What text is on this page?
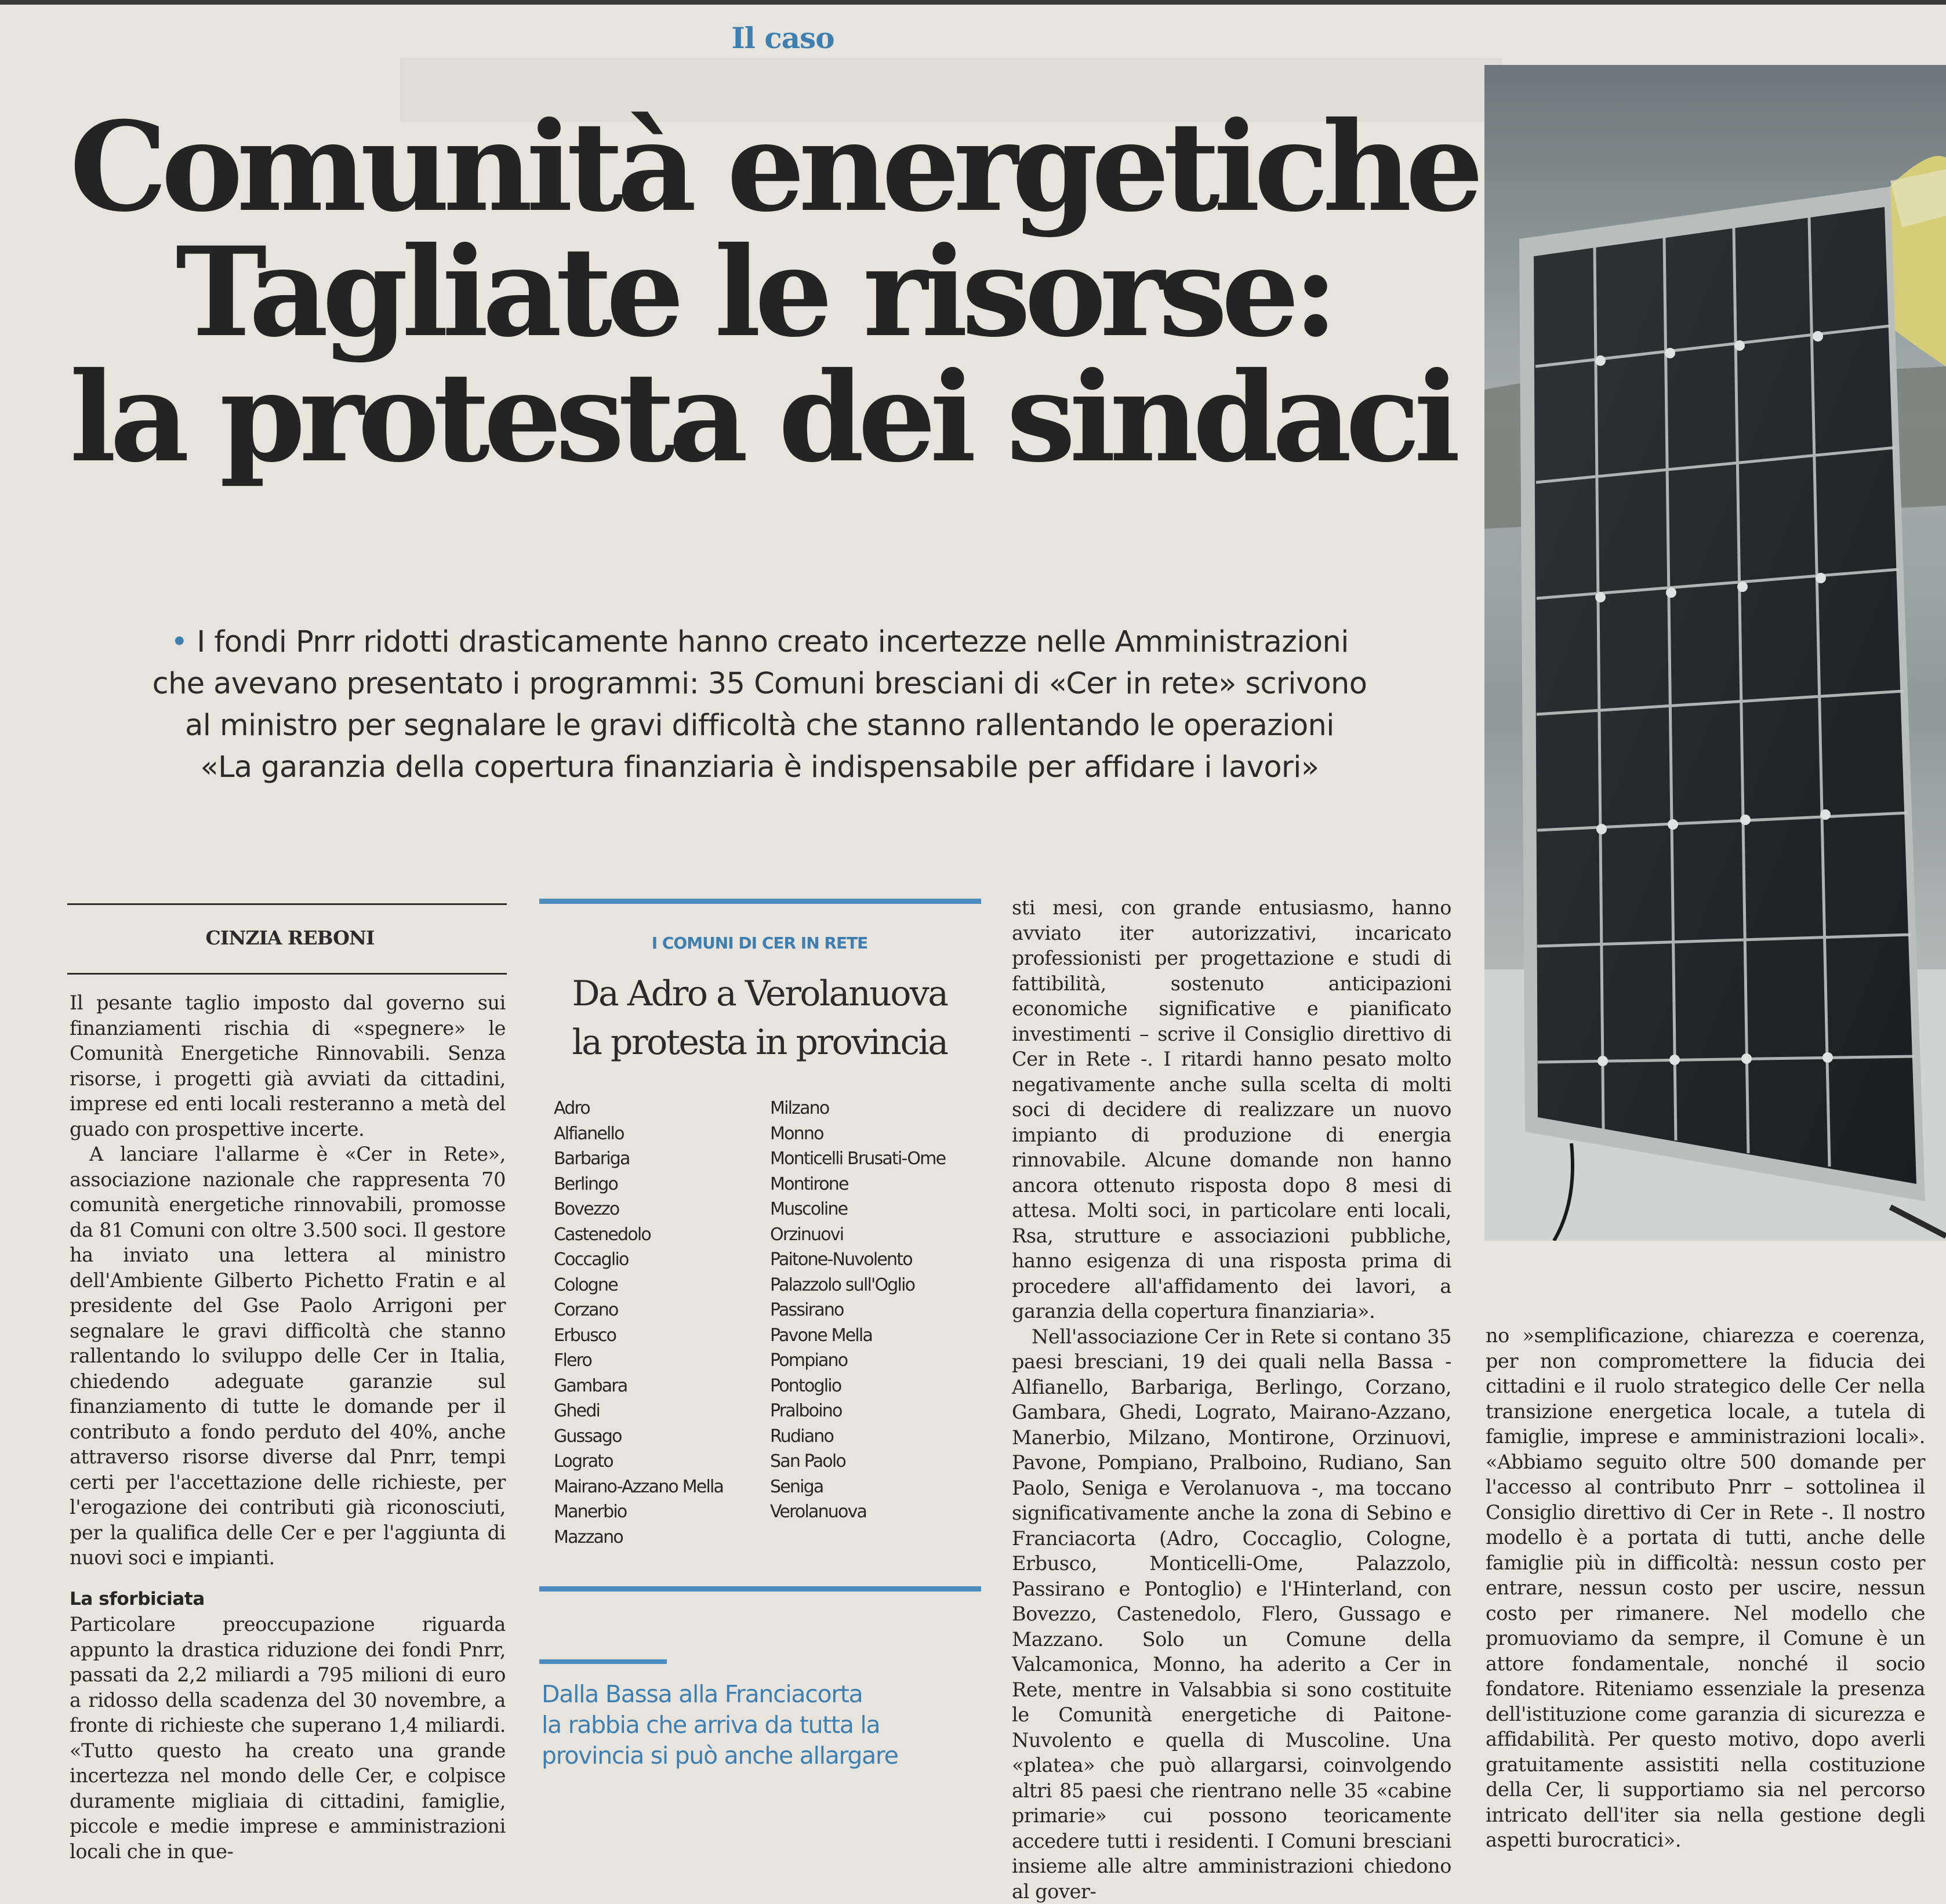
Il caso
Comunità energetiche
Tagliate le risorse:
la protesta dei sindaci
• I fondi Pnrr ridotti drasticamente hanno creato incertezze nelle Amministrazioni
che avevano presentato i programmi: 35 Comuni bresciani di «Cer in rete» scrivono
al ministro per segnalare le gravi difficoltà che stanno rallentando le operazioni
«La garanzia della copertura finanziaria è indispensabile per affidare i lavori»
CINZIA REBONI

Il pesante taglio imposto dal governo sui finanziamenti rischia di «spegnere» le Comunità Energetiche Rinnovabili. Senza risorse, i progetti già avviati da cittadini, imprese ed enti locali resteranno a metà del guado con prospettive incerte.

A lanciare l'allarme è «Cer in Rete», associazione nazionale che rappresenta 70 comunità energetiche rinnovabili, promosse da 81 Comuni con oltre 3.500 soci. Il gestore ha inviato una lettera al ministro dell'Ambiente Gilberto Pichetto Fratin e al presidente del Gse Paolo Arrigoni per segnalare le gravi difficoltà che stanno rallentando lo sviluppo delle Cer in Italia, chiedendo adeguate garanzie sul finanziamento di tutte le domande per il contributo a fondo perduto del 40%, anche attraverso risorse diverse dal Pnrr, tempi certi per l'accettazione delle richieste, per l'erogazione dei contributi già riconosciuti, per la qualifica delle Cer e per l'aggiunta di nuovi soci e impianti.

La sforbiciata

Particolare preoccupazione riguarda appunto la drastica riduzione dei fondi Pnrr, passati da 2,2 miliardi a 795 milioni di euro a ridosso della scadenza del 30 novembre, a fronte di richieste che superano 1,4 miliardi. «Tutto questo ha creato una grande incertezza nel mondo delle Cer, e colpisce duramente migliaia di cittadini, famiglie, piccole e medie imprese e amministrazioni locali che in que-

I COMUNI DI CER IN RETE
Da Adro a Verolanuova
la protesta in provincia
Adro
Alfianello
Barbariga
Berlingo
Bovezzo
Castenedolo
Coccaglio
Cologne
Corzano
Erbusco
Flero
Gambara
Ghedi
Gussago
Lograto
Mairano-Azzano Mella
Manerbio
Mazzano
Milzano
Monno
Monticelli Brusati-Ome
Montirone
Muscoline
Orzinuovi
Paitone-Nuvolento
Palazzolo sull'Oglio
Passirano
Pavone Mella
Pompiano
Pontoglio
Pralboino
Rudiano
San Paolo
Seniga
Verolanuova
Dalla Bassa alla Franciacorta
la rabbia che arriva da tutta la
provincia si può anche allargare

sti mesi, con grande entusiasmo, hanno avviato iter autorizzativi, incaricato professionisti per progettazione e studi di fattibilità, sostenuto anticipazioni economiche significative e pianificato investimenti – scrive il Consiglio direttivo di Cer in Rete -. I ritardi hanno pesato molto negativamente anche sulla scelta di molti soci di decidere di realizzare un nuovo impianto di produzione di energia rinnovabile. Alcune domande non hanno ancora ottenuto risposta dopo 8 mesi di attesa. Molti soci, in particolare enti locali, Rsa, strutture e associazioni pubbliche, hanno esigenza di una risposta prima di procedere all'affidamento dei lavori, a garanzia della copertura finanziaria».

Nell'associazione Cer in Rete si contano 35 paesi bresciani, 19 dei quali nella Bassa - Alfianello, Barbariga, Berlingo, Corzano, Gambara, Ghedi, Lograto, Mairano-Azzano, Manerbio, Milzano, Montirone, Orzinuovi, Pavone, Pompiano, Pralboino, Rudiano, San Paolo, Seniga e Verolanuova -, ma toccano significativamente anche la zona di Sebino e Franciacorta (Adro, Coccaglio, Cologne, Erbusco, Monticelli-Ome, Palazzolo, Passirano e Pontoglio) e l'Hinterland, con Bovezzo, Castenedolo, Flero, Gussago e Mazzano. Solo un Comune della Valcamonica, Monno, ha aderito a Cer in Rete, mentre in Valsabbia si sono costituite le Comunità energetiche di Paitone-Nuvolento e quella di Muscoline. Una «platea» che può allargarsi, coinvolgendo altri 85 paesi che rientrano nelle 35 «cabine primarie» cui possono teoricamente accedere tutti i residenti. I Comuni bresciani insieme alle altre amministrazioni chiedono al gover-

no »semplificazione, chiarezza e coerenza, per non compromettere la fiducia dei cittadini e il ruolo strategico delle Cer nella transizione energetica locale, a tutela di famiglie, imprese e amministrazioni locali». «Abbiamo seguito oltre 500 domande per l'accesso al contributo Pnrr – sottolinea il Consiglio direttivo di Cer in Rete -. Il nostro modello è a portata di tutti, anche delle famiglie più in difficoltà: nessun costo per entrare, nessun costo per uscire, nessun costo per rimanere. Nel modello che promuoviamo da sempre, il Comune è un attore fondamentale, nonché il socio fondatore. Riteniamo essenziale la presenza dell'istituzione come garanzia di sicurezza e affidabilità. Per questo motivo, dopo averli gratuitamente assistiti nella costituzione della Cer, li supportiamo sia nel percorso intricato dell'iter sia nella gestione degli aspetti burocratici».
